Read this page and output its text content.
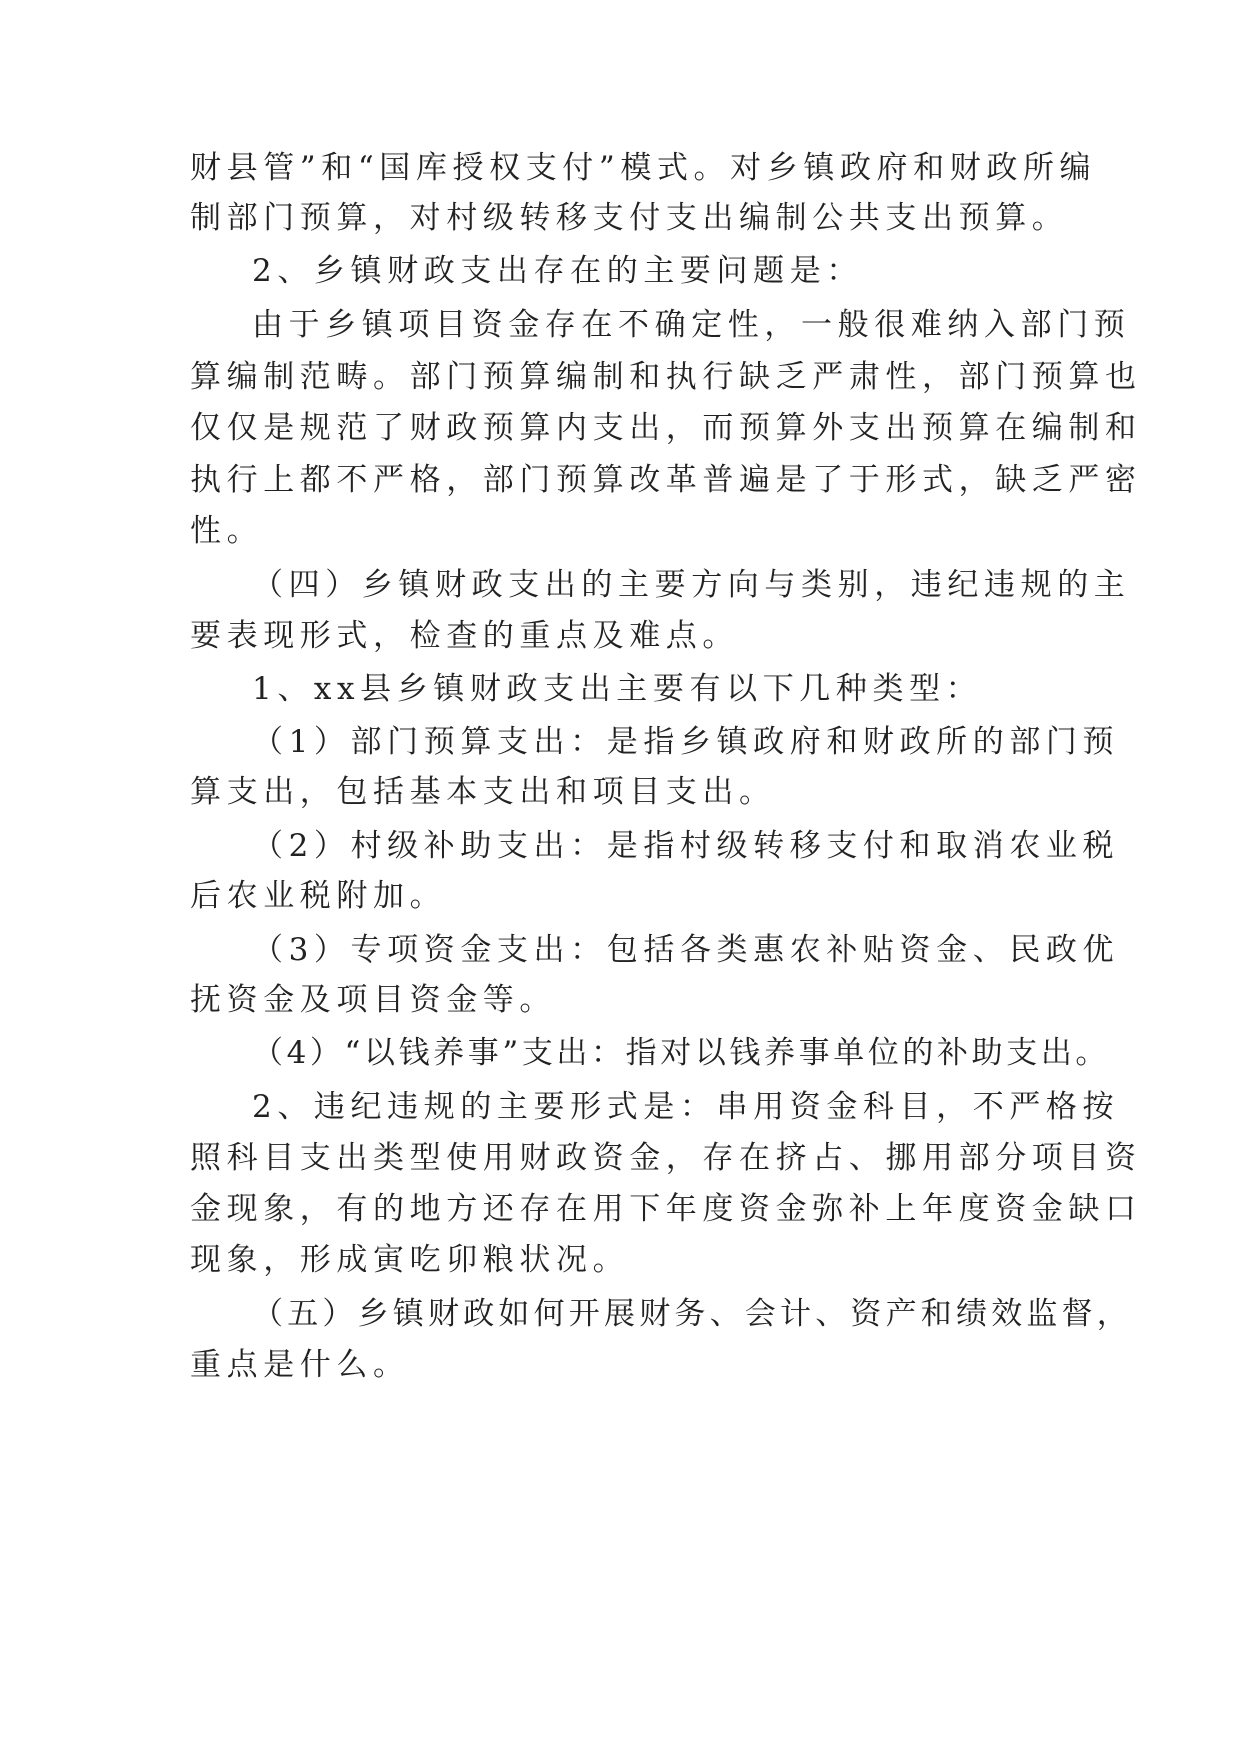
财县管”和“国库授权支付”模式。对乡镇政府和财政所编
制部门预算，对村级转移支付支出编制公共支出预算。
2、乡镇财政支出存在的主要问题是：
由于乡镇项目资金存在不确定性，一般很难纳入部门预
算编制范畴。部门预算编制和执行缺乏严肃性，部门预算也
仅仅是规范了财政预算内支出，而预算外支出预算在编制和
执行上都不严格，部门预算改革普遍是了于形式，缺乏严密
性。
（四）乡镇财政支出的主要方向与类别，违纪违规的主
要表现形式，检查的重点及难点。
1、xx县乡镇财政支出主要有以下几种类型：
（1）部门预算支出：是指乡镇政府和财政所的部门预
算支出，包括基本支出和项目支出。
（2）村级补助支出：是指村级转移支付和取消农业税
后农业税附加。
（3）专项资金支出：包括各类惠农补贴资金、民政优
抚资金及项目资金等。
（4）“以钱养事”支出：指对以钱养事单位的补助支出。
2、违纪违规的主要形式是：串用资金科目，不严格按
照科目支出类型使用财政资金，存在挤占、挪用部分项目资
金现象，有的地方还存在用下年度资金弥补上年度资金缺口
现象，形成寅吃卯粮状况。
（五）乡镇财政如何开展财务、会计、资产和绩效监督，
重点是什么。
